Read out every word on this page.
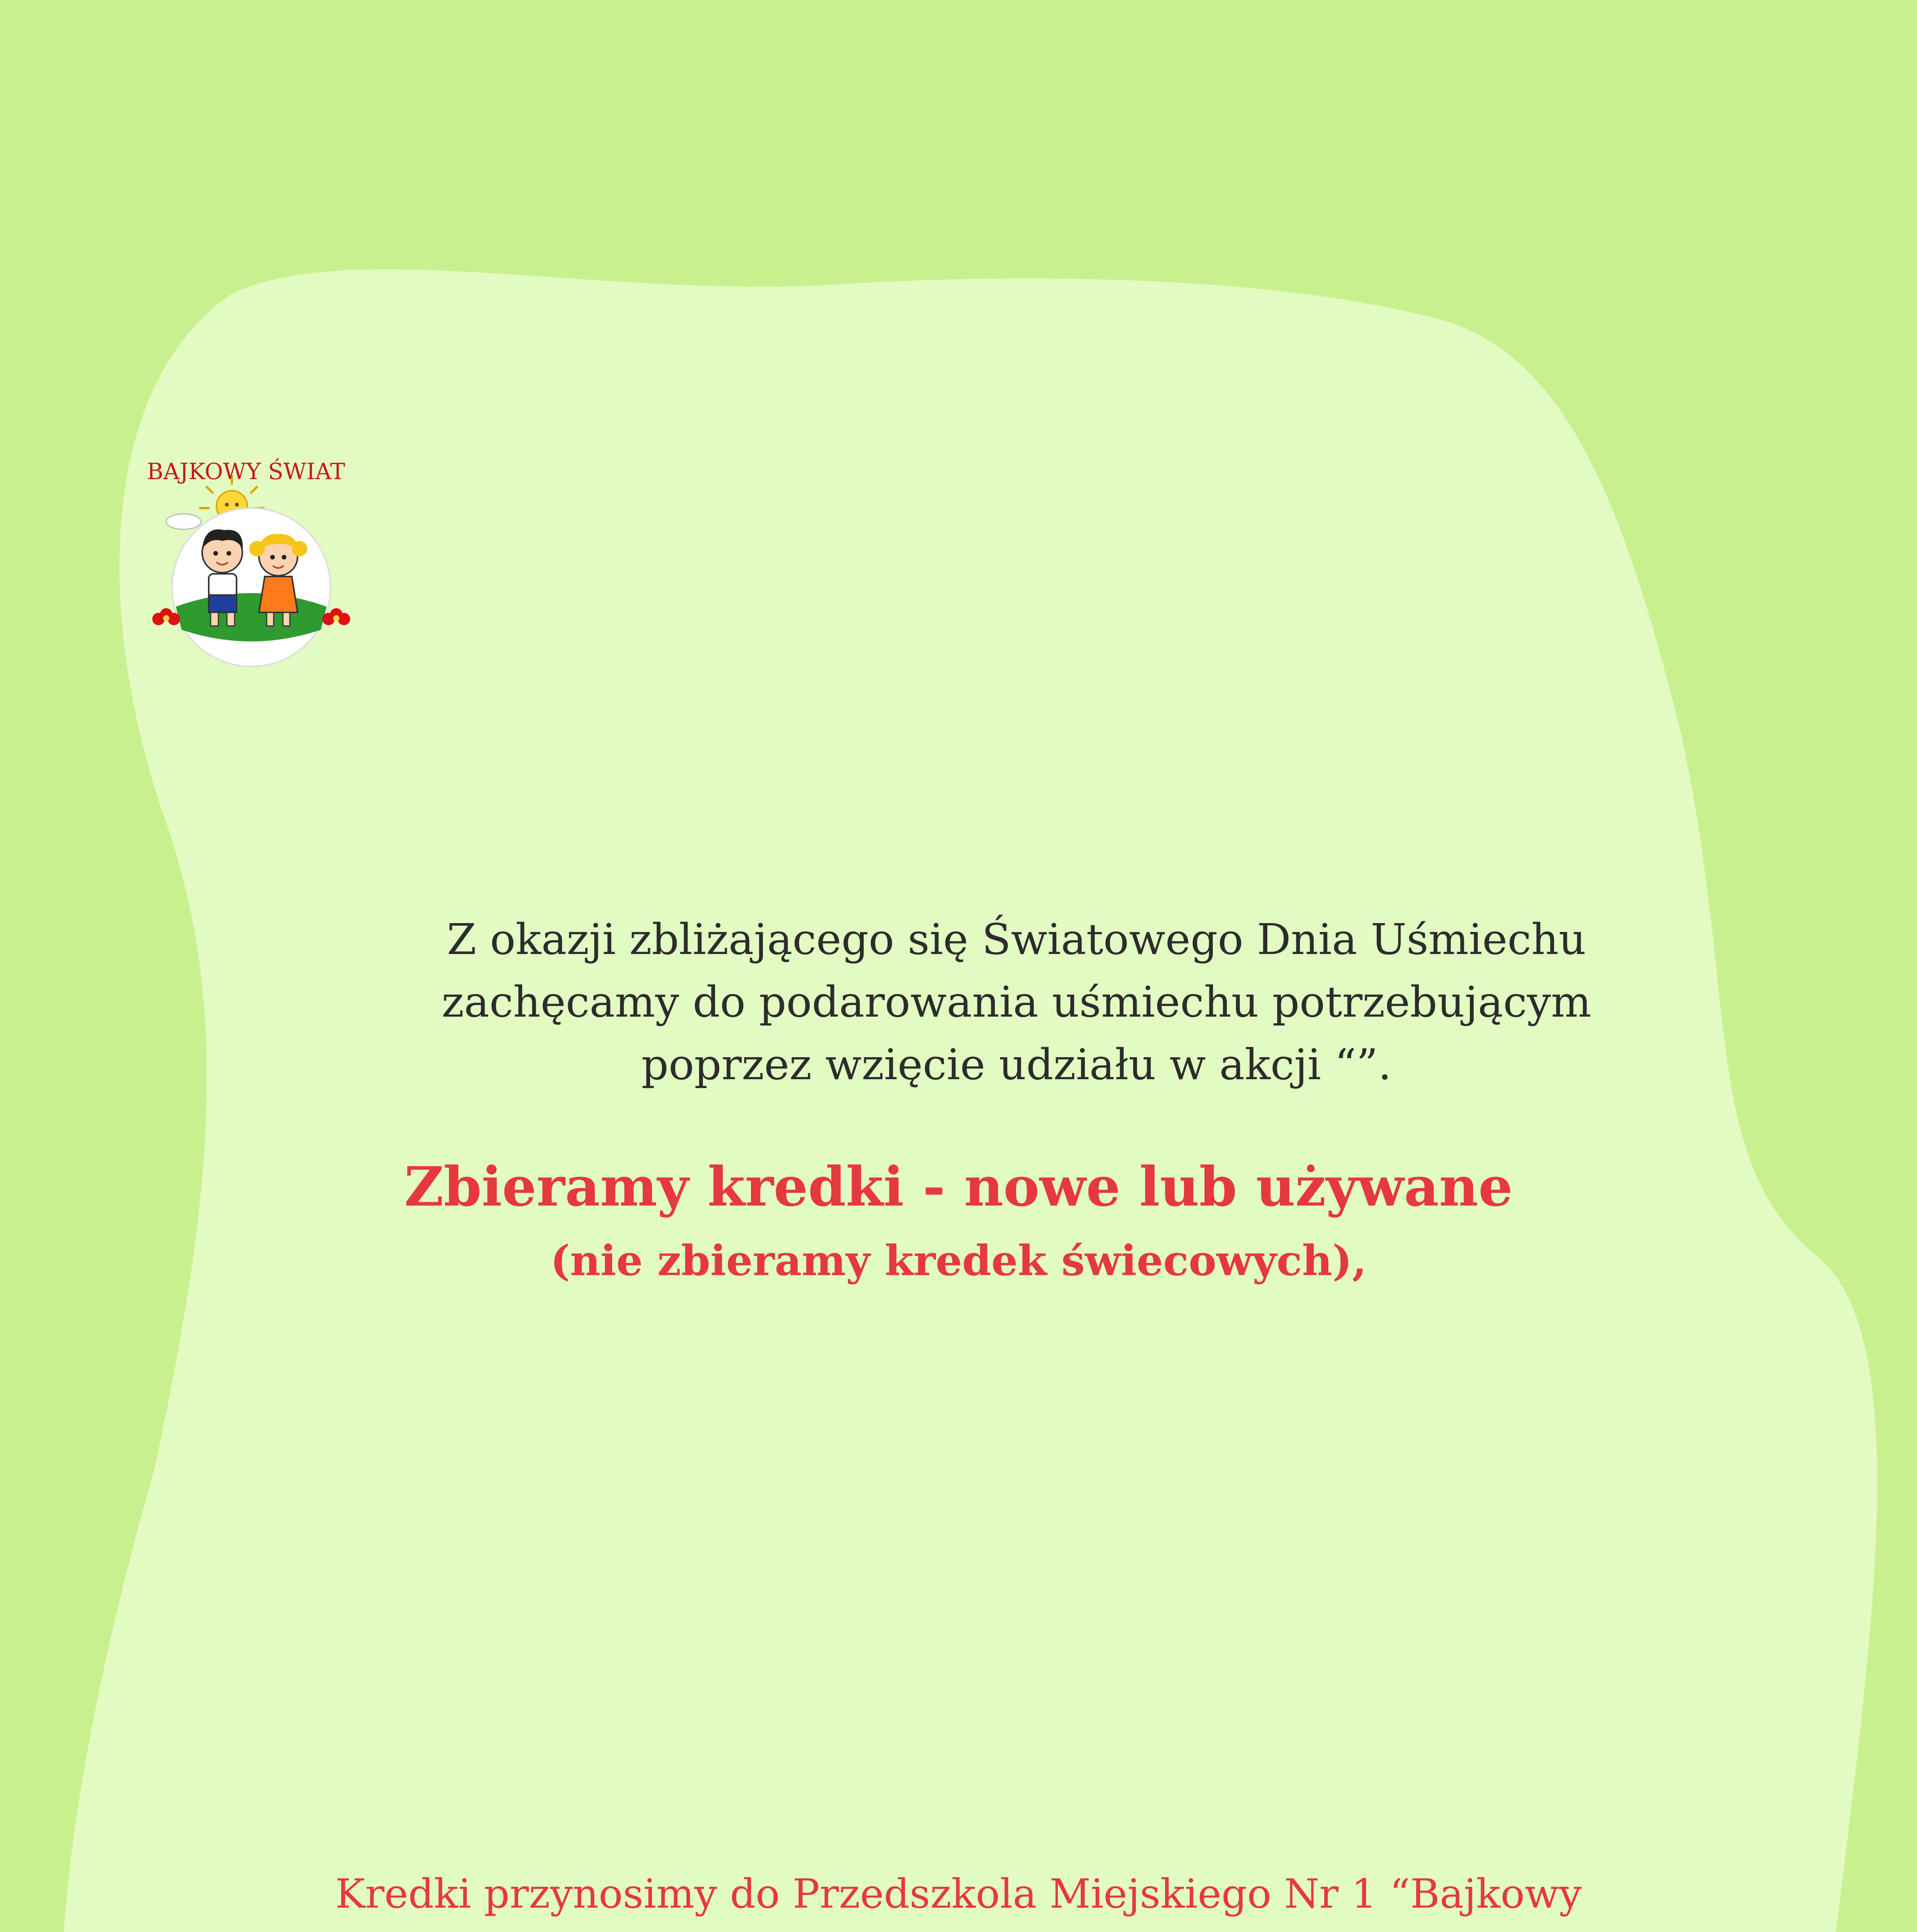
BAJKOWY ŚWIAT

Z okazji zbliżającego się Światowego Dnia Uśmiechu

zachęcamy do podarowania uśmiechu potrzebującym

poprzez wzięcie udziału w akcji “”.

Zbieramy kredki - nowe lub używane
(nie zbieramy kredek świecowych),

Kredki przynosimy do Przedszkola Miejskiego Nr 1 “Bajkowy
